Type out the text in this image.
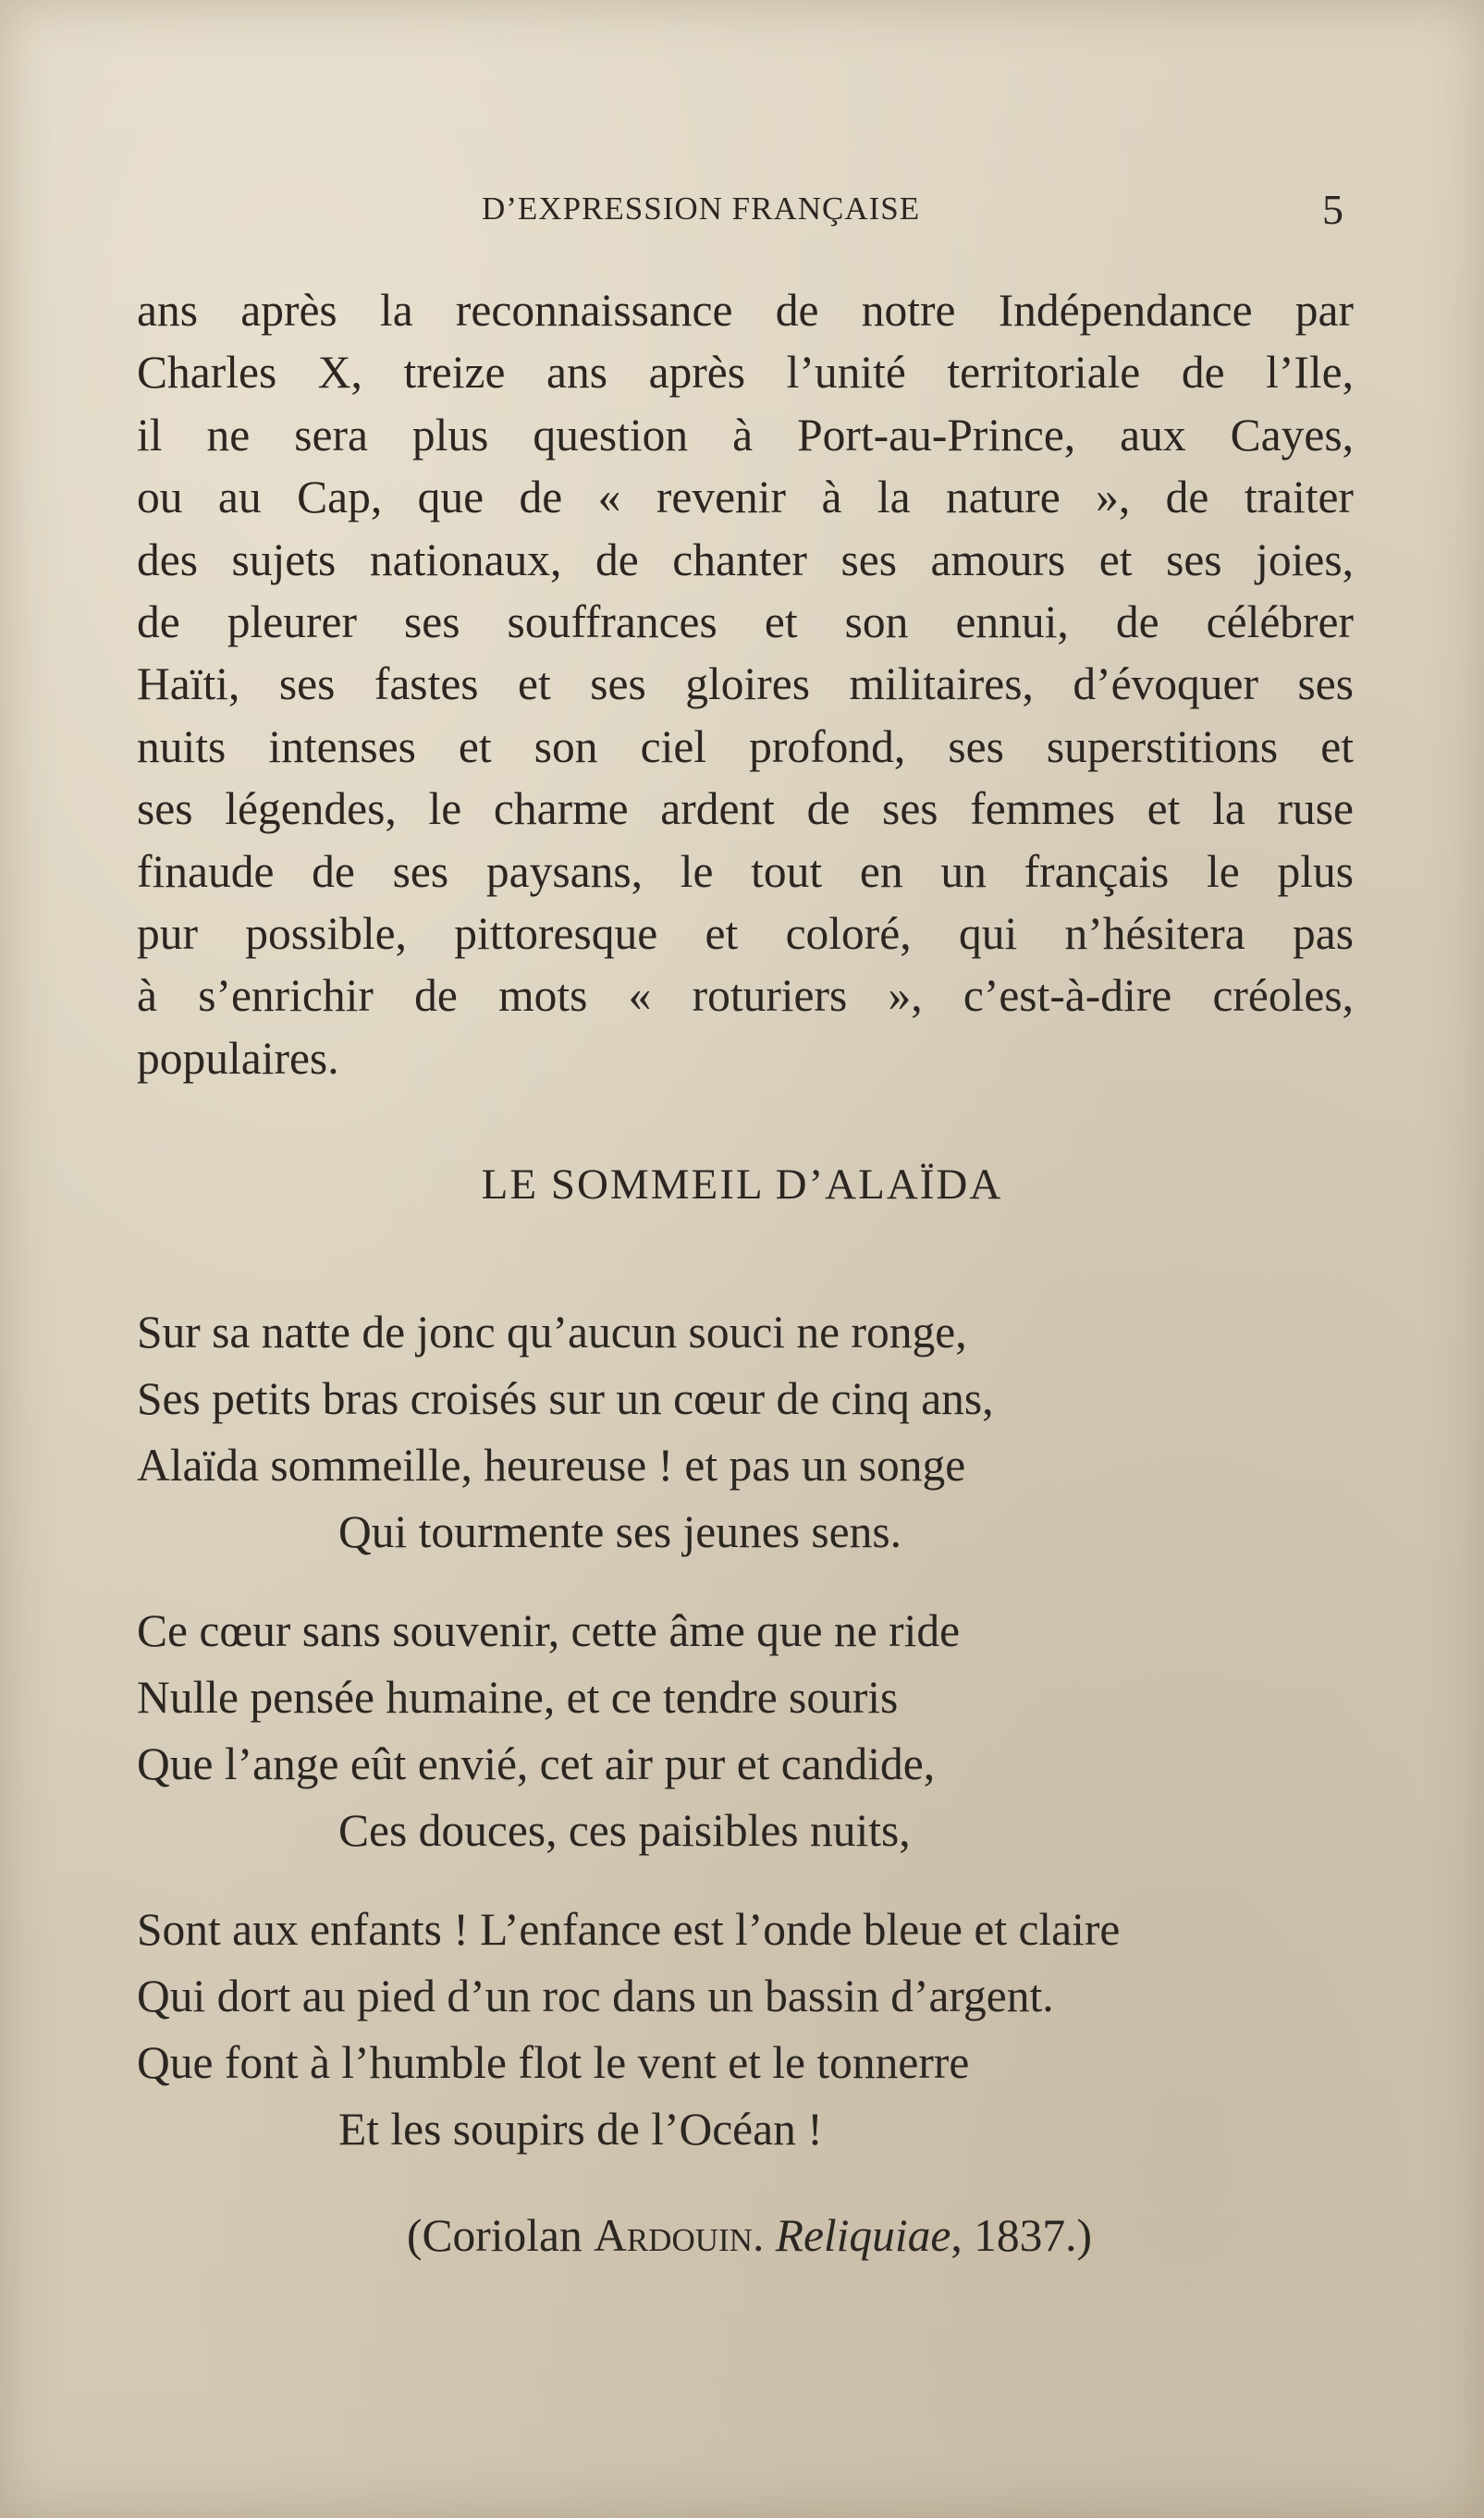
D’EXPRESSION FRANÇAISE	5
ans après la reconnaissance de notre Indépendance par
Charles X, treize ans après l’unité territoriale de l’Ile,
il ne sera plus question à Port-au-Prince, aux Cayes,
ou au Cap, que de « revenir à la nature », de traiter
des sujets nationaux, de chanter ses amours et ses joies,
de pleurer ses souffrances et son ennui, de célébrer
Haïti, ses fastes et ses gloires militaires, d’évoquer ses
nuits intenses et son ciel profond, ses superstitions et
ses légendes, le charme ardent de ses femmes et la ruse
finaude de ses paysans, le tout en un français le plus
pur possible, pittoresque et coloré, qui n’hésitera pas
à s’enrichir de mots « roturiers », c’est-à-dire créoles,
populaires.
LE SOMMEIL D’ALAÏDA
Sur sa natte de jonc qu’aucun souci ne ronge,
Ses petits bras croisés sur un cœur de cinq ans,
Alaïda sommeille, heureuse ! et pas un songe
Qui tourmente ses jeunes sens.
Ce cœur sans souvenir, cette âme que ne ride
Nulle pensée humaine, et ce tendre souris
Que l’ange eût envié, cet air pur et candide,
Ces douces, ces paisibles nuits,
Sont aux enfants ! L’enfance est l’onde bleue et claire
Qui dort au pied d’un roc dans un bassin d’argent.
Que font à l’humble flot le vent et le tonnerre
Et les soupirs de l’Océan !
(Coriolan Ardouin. Reliquiae, 1837.)
